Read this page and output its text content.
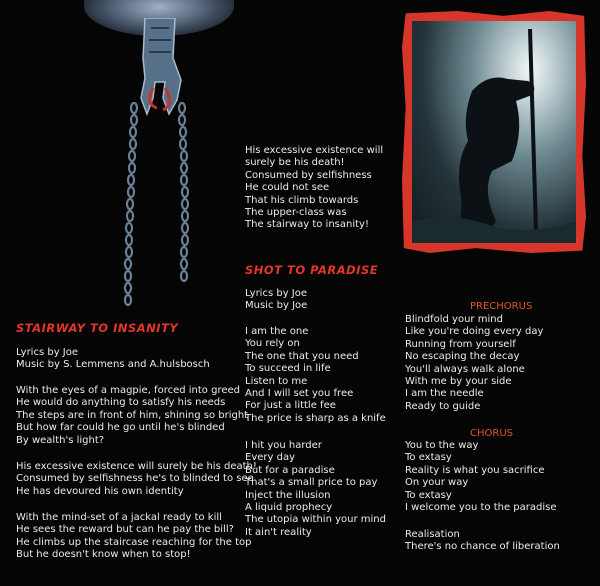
STAIRWAY TO INSANITY
Lyrics by Joe
Music by S. Lemmens and A.hulsbosch
With the eyes of a magpie, forced into greed
He would do anything to satisfy his needs
The steps are in front of him, shining so bright
But how far could he go until he's blinded
By wealth's light?
His excessive existence will surely be his death!
Consumed by selfishness he's to blinded to see
He has devoured his own identity
With the mind-set of a jackal ready to kill
He sees the reward but can he pay the bill?
He climbs up the staircase reaching for the top
But he doesn't know when to stop!
His excessive existence will
surely be his death!
Consumed by selfishness
He could not see
That his climb towards
The upper-class was
The stairway to insanity!
SHOT TO PARADISE
Lyrics by Joe
Music by Joe
I am the one
You rely on
The one that you need
To succeed in life
Listen to me
And I will set you free
For just a little fee
The price is sharp as a knife
I hit you harder
Every day
But for a paradise
That's a small price to pay
Inject the illusion
A liquid prophecy
The utopia within your mind
It ain't reality
PRECHORUS
Blindfold your mind
Like you're doing every day
Running from yourself
No escaping the decay
You'll always walk alone
With me by your side
I am the needle
Ready to guide
CHORUS
You to the way
To extasy
Reality is what you sacrifice
On your way
To extasy
I welcome you to the paradise
Realisation
There's no chance of liberation
